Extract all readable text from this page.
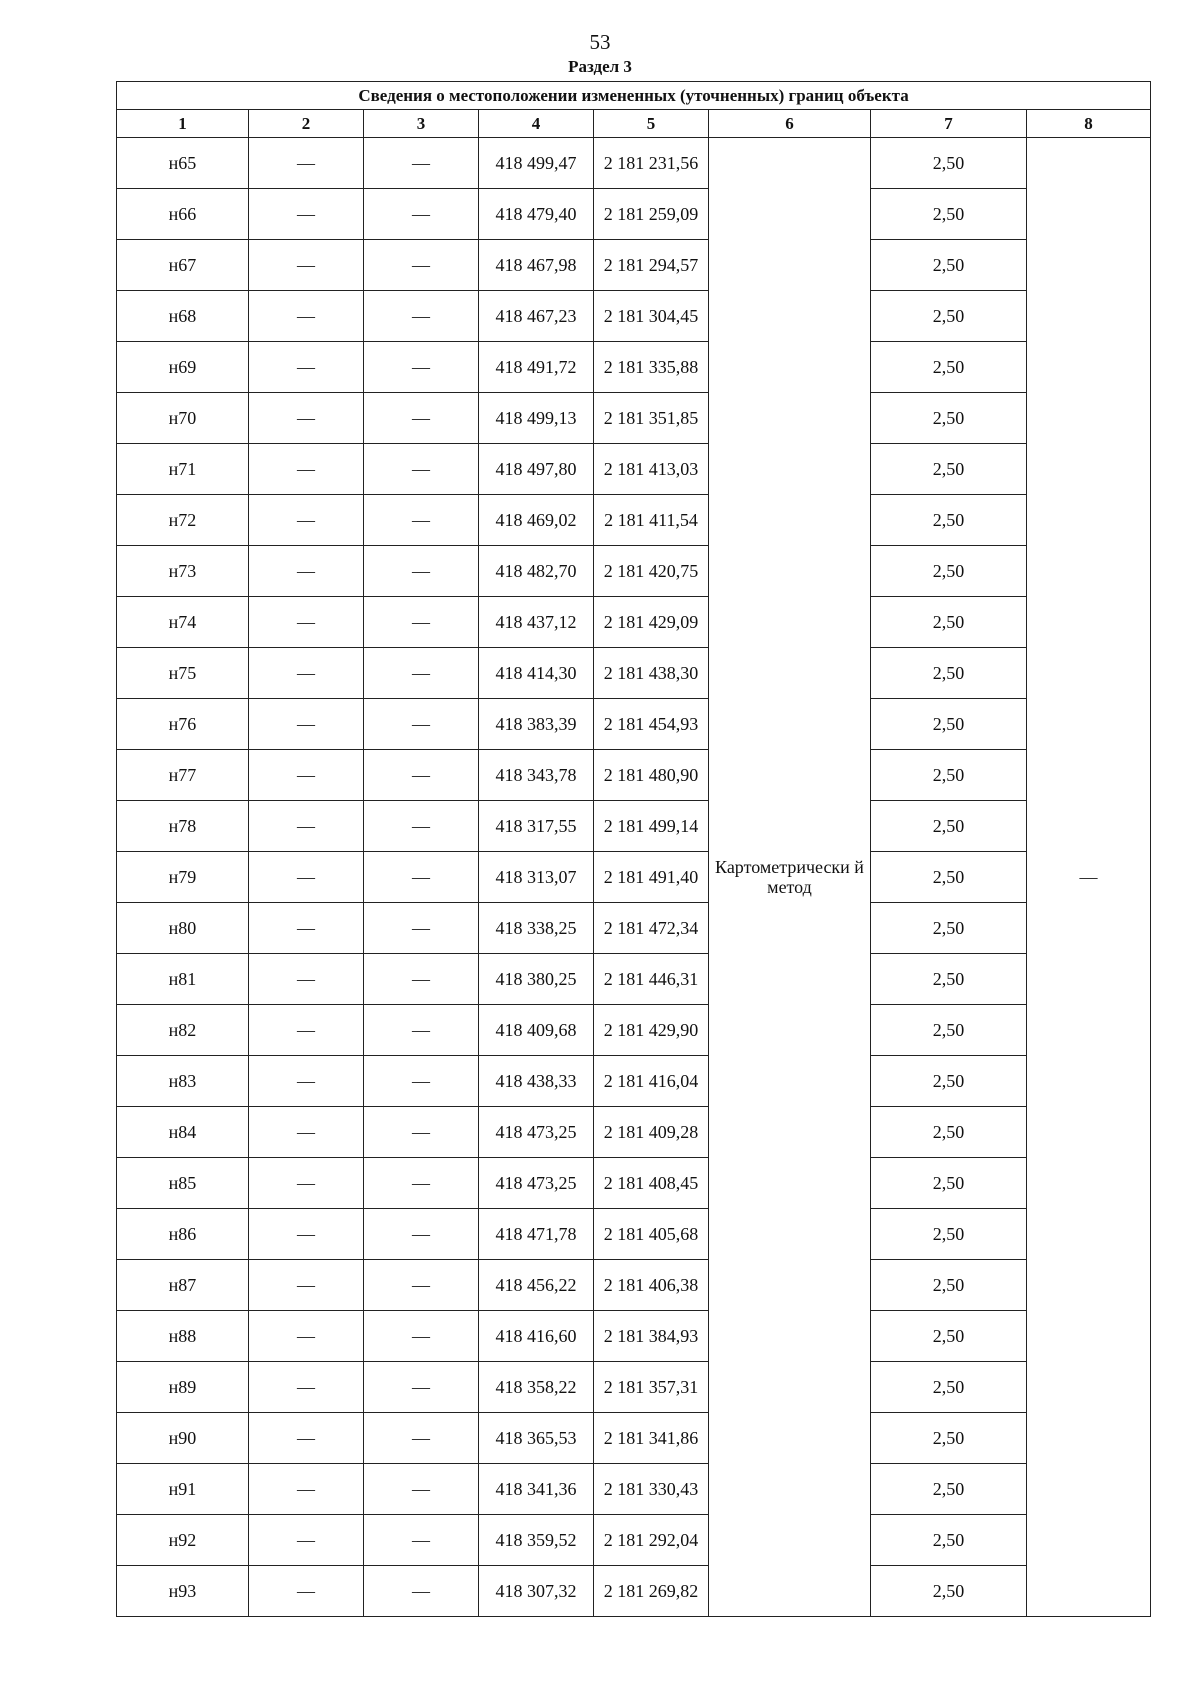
53
Раздел 3
Сведения о местоположении измененных (уточненных) границ объекта							
1	2	3	4	5	6	7	8
н65	—	—	418 499,47	2 181 231,56	Картометрически й метод	2,50	—
н66	—	—	418 479,40	2 181 259,09		2,50	
н67	—	—	418 467,98	2 181 294,57		2,50	
н68	—	—	418 467,23	2 181 304,45		2,50	
н69	—	—	418 491,72	2 181 335,88		2,50	
н70	—	—	418 499,13	2 181 351,85		2,50	
н71	—	—	418 497,80	2 181 413,03		2,50	
н72	—	—	418 469,02	2 181 411,54		2,50	
н73	—	—	418 482,70	2 181 420,75		2,50	
н74	—	—	418 437,12	2 181 429,09		2,50	
н75	—	—	418 414,30	2 181 438,30		2,50	
н76	—	—	418 383,39	2 181 454,93		2,50	
н77	—	—	418 343,78	2 181 480,90		2,50	
н78	—	—	418 317,55	2 181 499,14		2,50	
н79	—	—	418 313,07	2 181 491,40		2,50	
н80	—	—	418 338,25	2 181 472,34		2,50	
н81	—	—	418 380,25	2 181 446,31		2,50	
н82	—	—	418 409,68	2 181 429,90		2,50	
н83	—	—	418 438,33	2 181 416,04		2,50	
н84	—	—	418 473,25	2 181 409,28		2,50	
н85	—	—	418 473,25	2 181 408,45		2,50	
н86	—	—	418 471,78	2 181 405,68		2,50	
н87	—	—	418 456,22	2 181 406,38		2,50	
н88	—	—	418 416,60	2 181 384,93		2,50	
н89	—	—	418 358,22	2 181 357,31		2,50	
н90	—	—	418 365,53	2 181 341,86		2,50	
н91	—	—	418 341,36	2 181 330,43		2,50	
н92	—	—	418 359,52	2 181 292,04		2,50	
н93	—	—	418 307,32	2 181 269,82		2,50	
